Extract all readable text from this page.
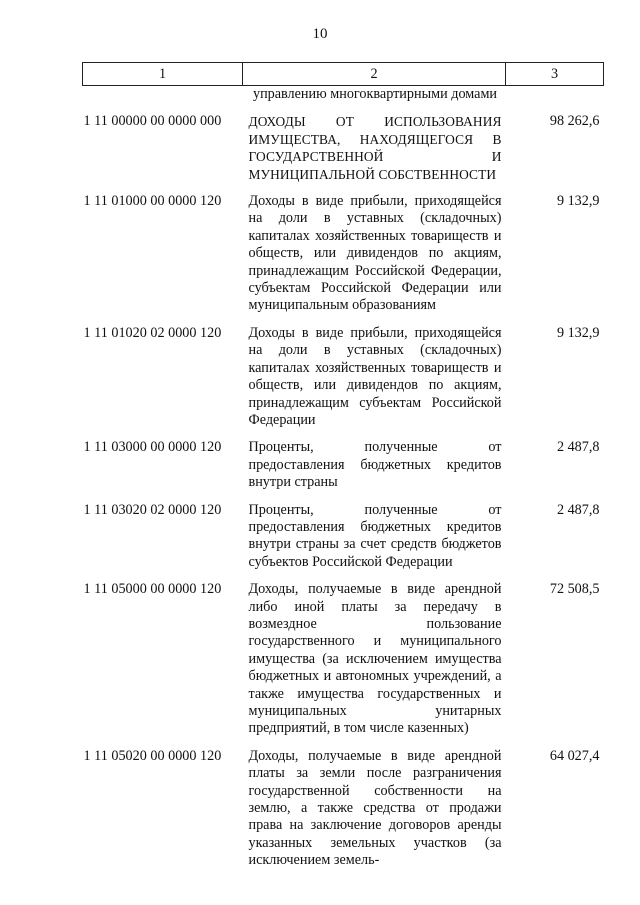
10
1	2	3

	управлению многоквартирными домами	

1 11 00000 00 0000 000	ДОХОДЫ ОТ ИСПОЛЬЗОВАНИЯ ИМУЩЕСТВА, НАХОДЯЩЕГОСЯ В ГОСУДАРСТВЕННОЙ И МУНИЦИПАЛЬНОЙ СОБСТВЕННОСТИ	98 262,6
1 11 01000 00 0000 120	Доходы в виде прибыли, приходящейся на доли в уставных (складочных) капиталах хозяйственных товариществ и обществ, или дивидендов по акциям, принадлежащим Российской Федерации, субъектам Российской Федерации или муниципальным образованиям	9 132,9
1 11 01020 02 0000 120	Доходы в виде прибыли, приходящейся на доли в уставных (складочных) капиталах хозяйственных товариществ и обществ, или дивидендов по акциям, принадлежащим субъектам Российской Федерации	9 132,9
1 11 03000 00 0000 120	Проценты, полученные от предоставления бюджетных кредитов внутри страны	2 487,8
1 11 03020 02 0000 120	Проценты, полученные от предоставления бюджетных кредитов внутри страны за счет средств бюджетов субъектов Российской Федерации	2 487,8
1 11 05000 00 0000 120	Доходы, получаемые в виде арендной либо иной платы за передачу в возмездное пользование государственного и муниципального имущества (за исключением имущества бюджетных и автономных учреждений, а также имущества государственных и муниципальных унитарных предприятий, в том числе казенных)	72 508,5
1 11 05020 00 0000 120	Доходы, получаемые в виде арендной платы за земли после разграничения государственной собственности на землю, а также средства от продажи права на заключение договоров аренды указанных земельных участков (за исключением земель-	64 027,4
